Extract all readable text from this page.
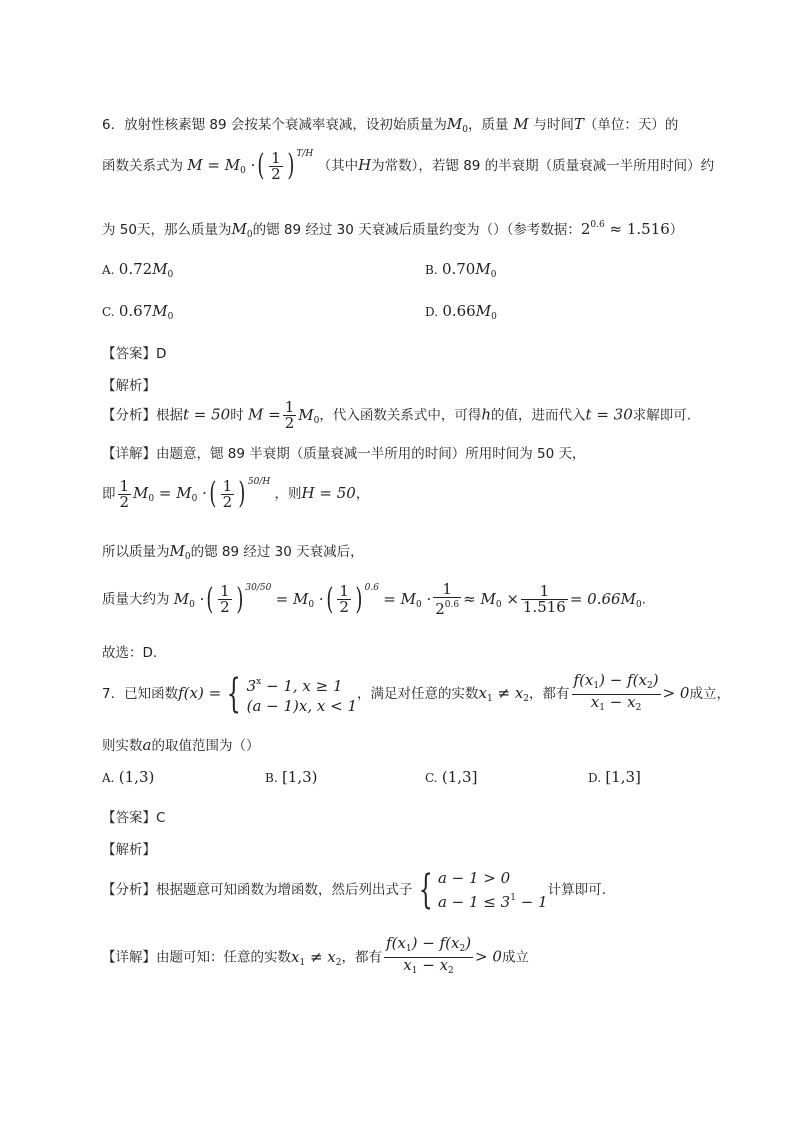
6．放射性核素锶 89 会按某个衰减率衰减，设初始质量为$M_0$，质量 M 与时间T（单位：天）的
函数关系式为 $M = M_0$ ·( $\frac{1}{2}$ ) $^{T/H}$ （其中H为常数），若锶 89 的半衰期（质量衰减一半所用时间）约
为 50天，那么质量为$M_0$的锶 89 经过 30 天衰减后质量约变为（）（参考数据：$2^{0.6} \approx 1.516$）
A. $0.72M_0$	B. $0.70M_0$
C. $0.67M_0$	D. $0.66M_0$
【答案】D
【解析】
【分析】根据t = 50时 $M = \frac{1}{2} M_0$，代入函数关系式中，可得h的值，进而代入t = 30求解即可.
【详解】由题意，锶 89 半衰期（质量衰减一半所用的时间）所用时间为 50 天，
即 $\frac{1}{2} M_0 = M_0$ ·( $\frac{1}{2}$ ) $^{50/H}$ ，则H = 50，
所以质量为$M_0$的锶 89 经过 30 天衰减后，
质量大约为 $M_0$ ·( $\frac{1}{2}$ ) $^{30/50} = M_0$ ·( $\frac{1}{2}$ ) $^{0.6} = M_0 \cdot \frac{1}{2^{0.6}} \approx M_0 \times \frac{1}{1.516} = 0.66M_0$.
故选：D.
7．已知函数f(x) = { $3^x - 1$, x ≥ 1
(a − 1)x, x < 1
，满足对任意的实数$x_1 \ne x_2$，都有 $\frac{f(x_1) - f(x_2)}{x_1 - x_2} > 0$成立，
则实数a的取值范围为（）
A. (1,3)	B. [1,3)	C. (1,3]	D. [1,3]
【答案】C
【解析】
【分析】根据题意可知函数为增函数，然后列出式子 { a − 1 > 0
$a - 1 \le 3^1 - 1$
计算即可.
【详解】由题可知：任意的实数$x_1 \ne x_2$，都有 $\frac{f(x_1) - f(x_2)}{x_1 - x_2} > 0$成立
